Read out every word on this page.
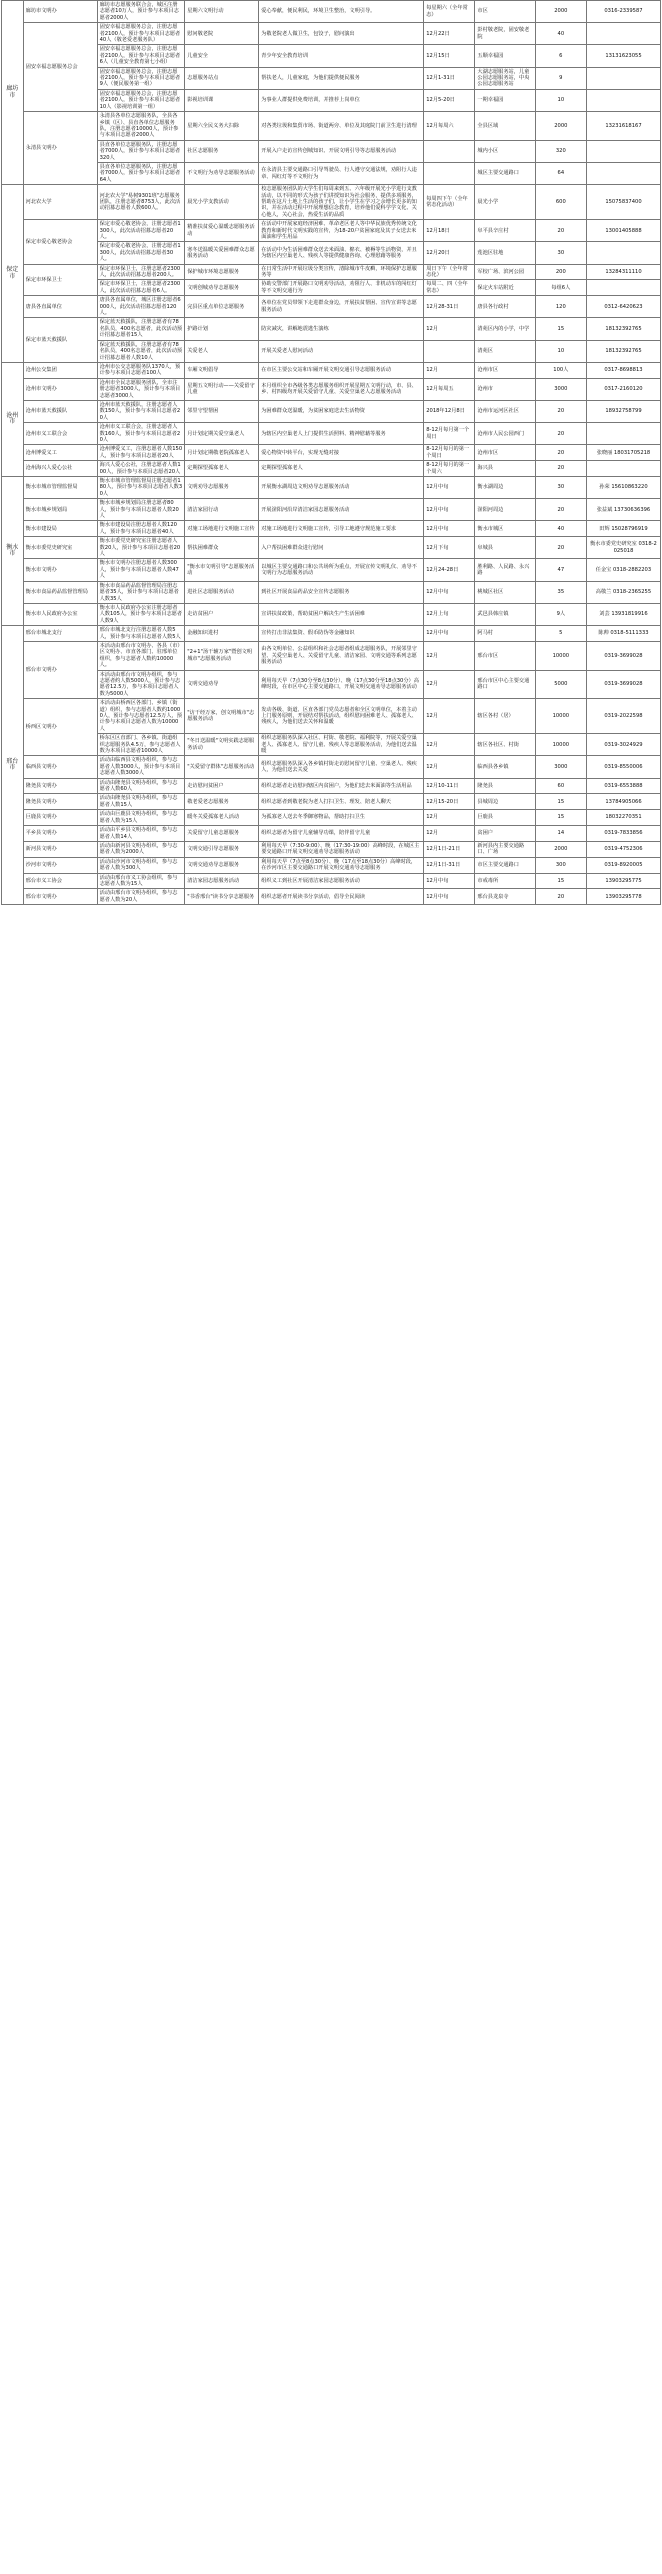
廊坊市	廊坊市文明办	廊坊市志愿服务联合会，城区注册志愿者10万人，预计参与本项目志愿者2000人	星期六文明行动	爱心奉献，便民利民，环境卫生整治，文明引导。	每星期六（全年常态）	市区	2000	0316-2339587
	固安幸福志愿服务总会	固安幸福志愿服务总会，注册志愿者2100人，预计参与本项目志愿者40人（敬老爱老服务队）	慰问敬老院	为敬老院老人做卫生，包饺子，慰问演出	12月22日	彭村敬老院，固安敬老院	40	
		固安幸福志愿服务总会，注册志愿者2100人，预计参与本项目志愿者6人（儿童安全教育第七小组）	儿童安全	青少年安全教育培训	12月15日	五顺幸福园	6	13131623055
		固安幸福志愿服务总会，注册志愿者2100人，预计参与本项目志愿者9人（便民服务第一组）	志愿服务站点	帮扶老人，儿童家庭，为他们提供便民服务	12月1-31日	大湖志愿服务站，儿童公园志愿服务站，中央公园志愿服务站	9	
		固安幸福志愿服务总会，注册志愿者2100人，预计参与本项目志愿者10人（影视培训第一组）	影视培训课	为事业人群提供免费培训，并推荐上岗单位	12月5-20日	一期幸福园	10	
	永清县文明办	永清县各单位志愿服务队，全县各乡镇（区）、县直各单位志愿服务队，注册志愿者10000人，预计参与本项目志愿者2000人	星期六全民义务大扫除	对各类垃圾和集贸市场、街道两旁、单位及其庭院门前卫生进行清理	12月每周六	全县区域	2000	13231618167
		县直各单位志愿服务队，注册志愿者7000人，预计参与本项目志愿者320人	社区志愿服务	开展入户走访宣传创城知识、开展文明引导等志愿服务活动		城内小区	320	
		县直各单位志愿服务队，注册志愿者7000人，预计参与本项目志愿者64人	不文明行为劝导志愿服务活动	在永清县主要交通路口引导驾驶员、行人遵守交通法规，劝阻行人违章、闯红灯等不文明行为		城区主要交通路口	64	
保定市	河北农大学	河北农大学"易树9301班"志愿服务团队，注册志愿者8753人，此次活动招募志愿者人数600人。	晨光小学支教活动	校志愿服务团队的大学生们每周来到五、六年级开展光小学进行支教活动，以不同的形式为孩子们讲授知识为社会服务，提供多项服务，帮助在这片土地上生活的孩子们，让小学生在学习之余增长更多的知识，并在活动过程中开展理想信念教育，培养他们爱科学学文化、关心他人，关心社会，热爱生活的品质	每周四下午（全年常态化活动）	晨光小学	600	15075837400
	保定市爱心敬老协会	保定市爱心敬老协会，注册志愿者1300人，此次活动招募志愿者20人。	精准扶贫爱心温暖志愿服务活动	在活动中开展家庭经济困难、革命老区老人等中华民族优秀传统文化教育和新时代文明实践的宣传，为18-20户贫困家庭及其子女送去米面油和学生用品	12月18日	阜平县辛庄村	20	13001405888
		保定市爱心敬老协会，注册志愿者1300人，此次活动招募志愿者30人。	寒冬送温暖关爱困难群众志愿服务活动	在活动中为生活困难群众送去米面油、棉衣、被褥等生活物资，并且为辖区内空巢老人、残疾人等提供健康咨询、心理慰藉等服务	12月20日	莲池区驻地	30	
	保定市环保卫士	保定市环保卫士，注册志愿者2300人，此次活动招募志愿者200人。	保护城市环境志愿服务	在日常生活中开展垃圾分类宣传，清除城市牛皮癣，环境保护志愿服务等	周日下午（全年常态化）	军校广场、滨河公园	200	13284311110
		保定市环保卫士，注册志愿者2300人，此次活动招募志愿者6人。	文明创城劝导志愿服务	协助交警部门开展路口文明劝导活动，劝阻行人、非机动车的闯红灯等不文明交通行为	每周二、四（全年常态）	保定火车站附近	每组6人	
	唐县各直属单位	唐县各直属单位，城区注册志愿者6000人，此次活动招募志愿者120人。	完县区重点单位志愿服务	各单位在党员带领下走进群众身边，开展扶贫帮困、宣传宣讲等志愿服务活动	12月28-31日	唐县各行政村	120	0312-6420623
	保定市蓝天救援队	保定蓝天救援队，注册志愿者有78名队员，400名志愿者，此次活动预计招募志愿者15人	护路计划	防灾减灾，讲解地震逃生演练	12月	清苑区内的小学，中学	15	18132392765
		保定蓝天救援队，注册志愿者有78名队员，400名志愿者，此次活动预计招募志愿者人数10人	关爱老人	开展关爱老人慰问活动		清苑区	10	18132392765
沧州市	沧州公交集团	沧州市公交志愿服务队1370人，预计参与本项目志愿者100人	车厢文明倡导	在市区主要公交站和车厢开展文明交通引导志愿服务活动	12月	沧州市区	100人	0317-8698813
	沧州市文明办	沧州市全民志愿服务团队，全市注册志愿者3000人，预计参与本项目志愿者3000人	星期五文明行动——关爱留守儿童	本月组织全市各级各类志愿服务组织开展星期五文明行动，市、县、乡、村四级均开展关爱留守儿童、关爱空巢老人志愿服务活动	12月每周五	沧州市	3000	0317-2160120
	沧州市蓝天救援队	沧州市蓝天救援队，注册志愿者人数150人，预计参与本项目志愿者20人	邻里守望帮困	为困难群众送温暖，为贫困家庭送去生活物资	2018年12月8日	沧州市运河区社区	20	18932758799
	沧州市义工联合会	沧州市义工联合会，注册志愿者人数160人，预计参与本项目志愿者20人	月计划定期关爱空巢老人	为辖区内空巢老人上门提供生活照料、精神慰藉等服务	8-12月每月第一个周日	沧州市人民公园西门	20	
	沧州博爱义工	沧州博爱义工，注册志愿者人数150人，预计参与本项目志愿者20人	月计划定期敬老院孤寡老人	爱心物资中转平台，实现无缝对接	8-12月每月的第一个周日	沧州市区	20	张晓丽 18031705218
	沧州海兴人爱心公社	海兴人爱心公社，注册志愿者人数100人，预计参与本项目志愿者20人	定期探望孤寡老人	定期探望孤寡老人	8-12月每月的第一个周六	海兴县	20	
衡水市	衡水市城市管理监督局	衡水市城市管理监督局注册志愿者180人，预计参与本项目志愿者人数30人	文明劝导志愿服务	开展衡水湖周边文明劝导志愿服务活动	12月中旬	衡水湖周边	30	孙荣 15610863220
	衡水市城乡规划局	衡水市城乡规划局注册志愿者80人，预计参与本项目志愿者人数20人	清洁家园行动	开展滏阳河沿岸清洁家园志愿服务活动	12月中旬	滏阳河周边	20	张益斌 13730636396
	衡水市建设局	衡水市建设局注册志愿者人数120人，预计参与本项目志愿者40人	对施工场地进行文明施工宣传	对施工场地进行文明施工宣传，引导工地遵守规范施工要求	12月中旬	衡水市城区	40	田辉 15028796919
	衡水市委党史研究室	衡水市委党史研究室注册志愿者人数20人，预计参与本项目志愿者20人	帮扶困难群众	入户帮扶困难群众进行慰问	12月下旬	阜城县	20	衡水市委党史研究室 0318-2025018
	衡水市文明办	衡水市文明办注册志愿者人数300人，预计参与本项目志愿者人数47人	"衡水市文明引导"志愿服务活动	以城区主要交通路口和公共场所为重点，开展宣传文明礼仪、劝导不文明行为志愿服务活动	12月24-28日	胜利路、人民路、永兴路	47	任金宝 0318-2882203
	衡水市食品药品监督管理局	衡水市食品药品监督管理局注册志愿者35人，预计参与本项目志愿者人数35人	进社区志愿服务活动	到社区开展食品药品安全宣传志愿服务	12月中旬	桃城区社区	35	高敬兰 0318-2365255
	衡水市人民政府办公室	衡水市人民政府办公室注册志愿者人数105人，预计参与本项目志愿者人数9人	走访贫困户	宣讲扶贫政策，帮助贫困户解决生产生活困难	12月上旬	武邑县韩庄镇	9人	刘芸 13931819916
邢台市	邢台市城北支行	邢台市城北支行注册志愿者人数5人，预计参与本项目志愿者人数5人	金融知识进村	宣传打击非法集资、假币防伪等金融知识	12月中旬	阿马村	5	陈帅 0318-5111333
	邢台市文明办	本活动由邢台市文明办、各县（市）区文明办、市直各部门、驻邢单位组织，参与志愿者人数约10000人。	"2+1"汤干辅万家"暨创文明城市"志愿服务活动	由各文明单位、公益组织和社会志愿者组成志愿服务队，开展邻里守望、关爱空巢老人、关爱留守儿童、清洁家园、文明交通等系列志愿服务活动	12月	邢台市区	10000	0319-3699028
		本活动由邢台市文明办组织，参与志愿者约人数5000人，预计参与志愿者12.5万，参与本项目志愿者人数为5000人	文明交通劝导	利用每天早（7点30分至8点30分）、晚（17点30分至18点30分）高峰时段，在市区中心主要交通路口，开展文明交通劝导志愿服务活动	12月	邢台市区中心主要交通路口	5000	0319-3699028
	桥西区文明办	本活动由桥西区各部门、乡镇（街道）组织，参与志愿者人数约10000人，预计参与志愿者12.5万人，预计参与本项目志愿者人数为10000人	"访干经万家，创文明城市"志愿服务活动	发动各级、街道、区直各部门党员志愿者和全区文明单位，本着主动上门服务原则，开展结对帮扶活动，组织慰问困难老人、孤寡老人、残疾人，为他们送去关怀和温暖	12月	辖区各村（居）	10000	0319-2022598
		桥东区区直部门、各乡镇、街道组织志愿服务队4.5万，参与志愿者人数为本项目志愿者10000人	"冬日送温暖"文明实践志愿服务活动	组织志愿服务队深入社区、村街、敬老院、福利院等，开展关爱空巢老人、孤寡老人、留守儿童、残疾人等志愿服务活动，为他们送去温暖	12月	辖区各社区、村街	10000	0319-3024929
	临西县文明办	活动由临西县文明办组织，参与志愿者人数3000人，预计参与本项目志愿者人数3000人	"关爱留守群体"志愿服务活动	组织志愿服务队深入各乡镇村街走访慰问留守儿童、空巢老人、残疾人，为他们送去关爱	12月	临西县各乡镇	3000	0319-8550006
	隆尧县文明办	活动由隆尧县文明办组织，参与志愿者人数60人	走访慰问贫困户	组织志愿者走访慰问辖区内贫困户，为他们送去米面油等生活用品	12月10-11日	隆尧县	60	0319-6553888
	隆尧县文明办	活动由隆尧县文明办组织，参与志愿者人数15人	敬老爱老志愿服务	组织志愿者到敬老院为老人打扫卫生、理发、陪老人聊天	12月15-20日	县城周边	15	13784905066
	巨鹿县文明办	活动由巨鹿县文明办组织，参与志愿者人数为15人	暖冬关爱孤寡老人活动	为孤寡老人送去冬季御寒物品，帮助打扫卫生	12月	巨鹿县	15	18032270351
	平乡县文明办	活动由平乡县文明办组织，参与志愿者人数14人	关爱留守儿童志愿服务	组织志愿者为留守儿童辅导功课，陪伴留守儿童	12月	贫困户	14	0319-7833856
	新河县文明办	活动由新河县文明办组织，参与志愿者人数为2000人	文明交通引导志愿服务	利用每天早（7:30-9:00）、晚（17:30-19:00）高峰时段，在城区主要交通路口开展文明交通劝导志愿服务活动	12月1日-21日	新河县内主要交通路口、广场	2000	0319-4752306
	沙河市文明办	活动由沙河市文明办组织，参与志愿者人数为300人	文明交通劝导志愿服务	利用每天早（7点至8点30分）、晚（17点至18点30分）高峰时段，在沙河市区主要交通路口开展文明交通劝导志愿服务	12月1日-31日	市区主要交通路口	300	0319-8920005
	邢台市义工协会	活动由邢台市义工协会组织，参与志愿者人数为15人	清洁家园志愿服务活动	组织义工到社区开展清洁家园志愿服务活动	12月中旬	市戒毒所	15	13903295775
	邢台市文明办	活动由邢台市文明办组织，参与志愿者人数为20人	"书香邢台"读书分享志愿服务	组织志愿者开展读书分享活动，倡导全民阅读	12月中旬	邢台县龙泉寺	20	13903295778
